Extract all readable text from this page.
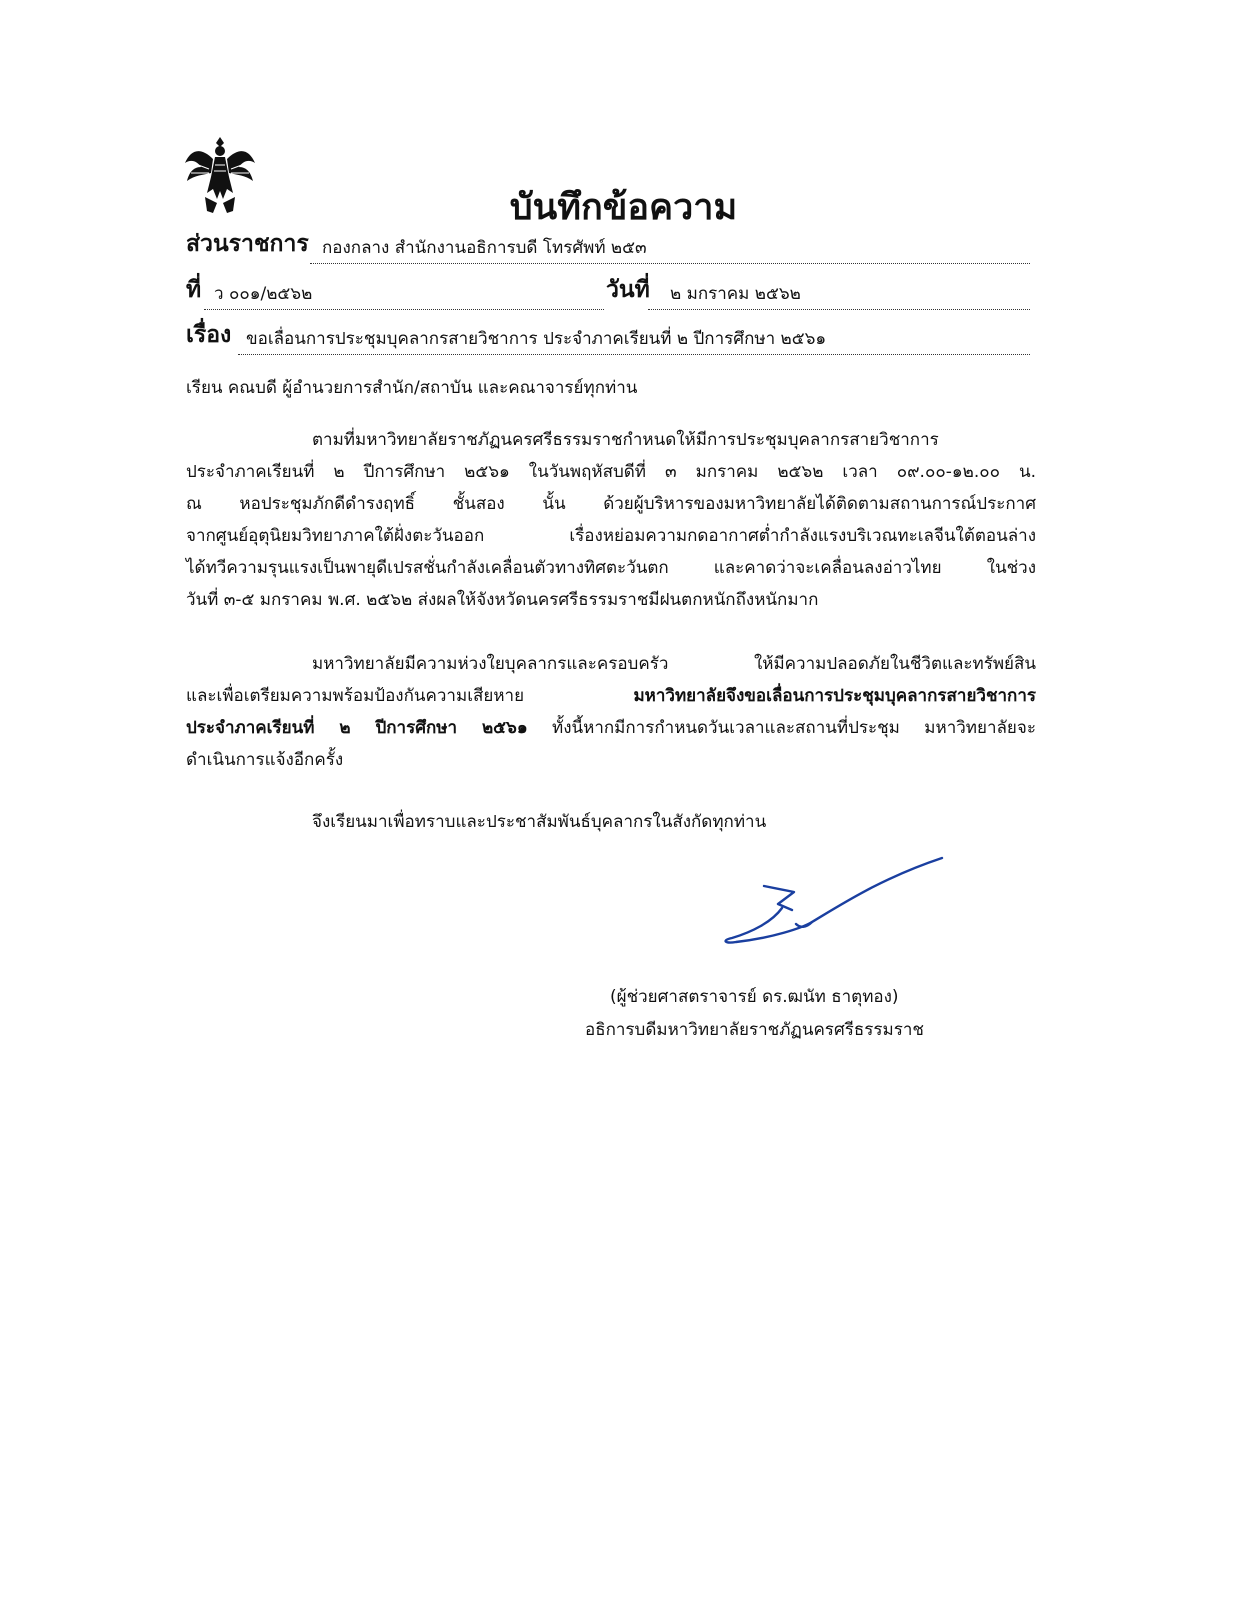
บันทึกข้อความ
ส่วนราชการ กองกลาง สำนักงานอธิการบดี โทรศัพท์ ๒๕๓
ที่ ว ๐๐๑/๒๕๖๒	วันที่ ๒ มกราคม ๒๕๖๒
เรื่อง ขอเลื่อนการประชุมบุคลากรสายวิชาการ ประจำภาคเรียนที่ ๒ ปีการศึกษา ๒๕๖๑
เรียน คณบดี ผู้อำนวยการสำนัก/สถาบัน และคณาจารย์ทุกท่าน
ตามที่มหาวิทยาลัยราชภัฏนครศรีธรรมราชกำหนดให้มีการประชุมบุคลากรสายวิชาการ
ประจำภาคเรียนที่ ๒ ปีการศึกษา ๒๕๖๑ ในวันพฤหัสบดีที่ ๓ มกราคม ๒๕๖๒ เวลา ๐๙.๐๐-๑๒.๐๐ น.
ณ หอประชุมภักดีดำรงฤทธิ์ ชั้นสอง นั้น ด้วยผู้บริหารของมหาวิทยาลัยได้ติดตามสถานการณ์ประกาศ
จากศูนย์อุตุนิยมวิทยาภาคใต้ฝั่งตะวันออก เรื่องหย่อมความกดอากาศต่ำกำลังแรงบริเวณทะเลจีนใต้ตอนล่าง
ได้ทวีความรุนแรงเป็นพายุดีเปรสชั่นกำลังเคลื่อนตัวทางทิศตะวันตก และคาดว่าจะเคลื่อนลงอ่าวไทย ในช่วง
วันที่ ๓-๕ มกราคม พ.ศ. ๒๕๖๒ ส่งผลให้จังหวัดนครศรีธรรมราชมีฝนตกหนักถึงหนักมาก
มหาวิทยาลัยมีความห่วงใยบุคลากรและครอบครัว ให้มีความปลอดภัยในชีวิตและทรัพย์สิน
และเพื่อเตรียมความพร้อมป้องกันความเสียหาย มหาวิทยาลัยจึงขอเลื่อนการประชุมบุคลากรสายวิชาการ
ประจำภาคเรียนที่ ๒ ปีการศึกษา ๒๕๖๑ ทั้งนี้หากมีการกำหนดวันเวลาและสถานที่ประชุม มหาวิทยาลัยจะ
ดำเนินการแจ้งอีกครั้ง
จึงเรียนมาเพื่อทราบและประชาสัมพันธ์บุคลากรในสังกัดทุกท่าน
(ผู้ช่วยศาสตราจารย์ ดร.ฒนัท ธาตุทอง)
อธิการบดีมหาวิทยาลัยราชภัฏนครศรีธรรมราช
